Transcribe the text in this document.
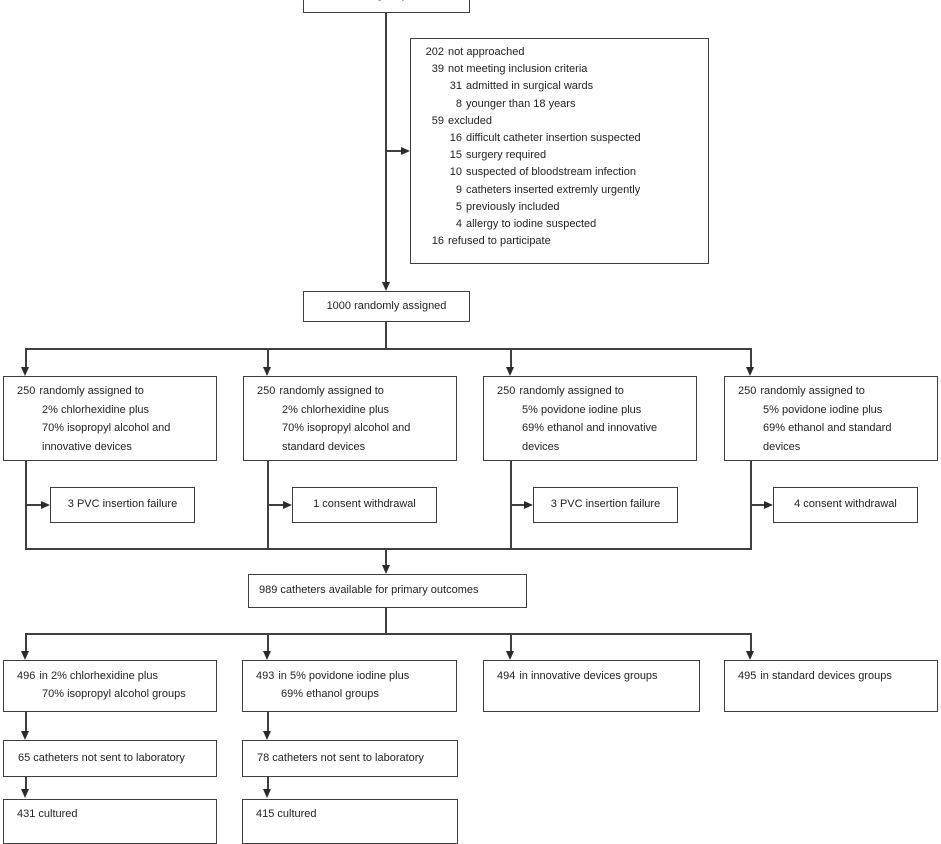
202 not approached
39 not meeting inclusion criteria
31 admitted in surgical wards
8 younger than 18 years
59 excluded
16 difficult catheter insertion suspected
15 surgery required
10 suspected of bloodstream infection
9 catheters inserted extremly urgently
5 previously included
4 allergy to iodine suspected
16 refused to participate
1000 randomly assigned
250 randomly assigned to
2% chlorhexidine plus
70% isopropyl alcohol and
innovative devices
250 randomly assigned to
2% chlorhexidine plus
70% isopropyl alcohol and
standard devices
250 randomly assigned to
5% povidone iodine plus
69% ethanol and innovative
devices
250 randomly assigned to
5% povidone iodine plus
69% ethanol and standard
devices
3 PVC insertion failure	1 consent withdrawal	3 PVC insertion failure	4 consent withdrawal
989 catheters available for primary outcomes
496 in 2% chlorhexidine plus
70% isopropyl alcohol groups
493 in 5% povidone iodine plus
69% ethanol groups
494 in innovative devices groups	495 in standard devices groups
65 catheters not sent to laboratory	78 catheters not sent to laboratory
431 cultured	415 cultured
